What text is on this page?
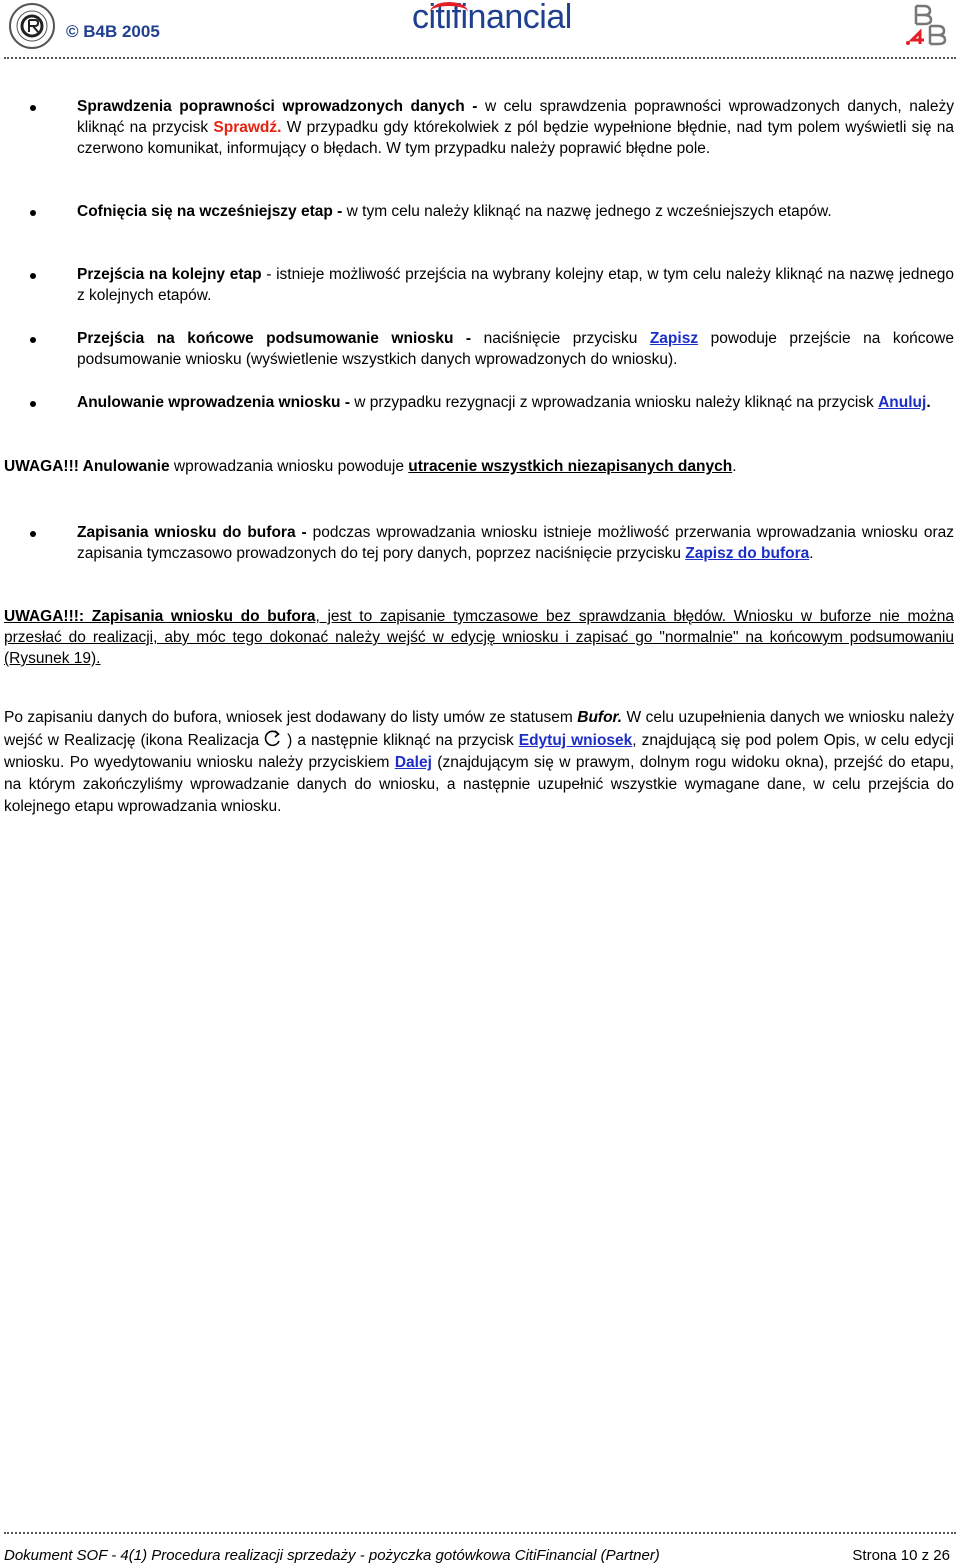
© B4B 2005	citifinancial
Sprawdzenia poprawności wprowadzonych danych - w celu sprawdzenia poprawności wprowadzonych danych, należy kliknąć na przycisk Sprawdź. W przypadku gdy którekolwiek z pól będzie wypełnione błędnie, nad tym polem wyświetli się na czerwono komunikat, informujący o błędach. W tym przypadku należy poprawić błędne pole.
Cofnięcia się na wcześniejszy etap - w tym celu należy kliknąć na nazwę jednego z wcześniejszych etapów.
Przejścia na kolejny etap - istnieje możliwość przejścia na wybrany kolejny etap, w tym celu należy kliknąć na nazwę jednego z kolejnych etapów.
Przejścia na końcowe podsumowanie wniosku - naciśnięcie przycisku Zapisz powoduje przejście na końcowe podsumowanie wniosku (wyświetlenie wszystkich danych wprowadzonych do wniosku).
Anulowanie wprowadzenia wniosku - w przypadku rezygnacji z wprowadzania wniosku należy kliknąć na przycisk Anuluj.
UWAGA!!! Anulowanie wprowadzania wniosku powoduje utracenie wszystkich niezapisanych danych.
Zapisania wniosku do bufora - podczas wprowadzania wniosku istnieje możliwość przerwania wprowadzania wniosku oraz zapisania tymczasowo prowadzonych do tej pory danych, poprzez naciśnięcie przycisku Zapisz do bufora.
UWAGA!!!: Zapisania wniosku do bufora, jest to zapisanie tymczasowe bez sprawdzania błędów. Wniosku w buforze nie można przesłać do realizacji, aby móc tego dokonać należy wejść w edycję wniosku i zapisać go "normalnie" na końcowym podsumowaniu (Rysunek 19).
Po zapisaniu danych do bufora, wniosek jest dodawany do listy umów ze statusem Bufor. W celu uzupełnienia danych we wniosku należy wejść w Realizację (ikona Realizacja ) a następnie kliknąć na przycisk Edytuj wniosek, znajdującą się pod polem Opis, w celu edycji wniosku. Po wyedytowaniu wniosku należy przyciskiem Dalej (znajdującym się w prawym, dolnym rogu widoku okna), przejść do etapu, na którym zakończyliśmy wprowadzanie danych do wniosku, a następnie uzupełnić wszystkie wymagane dane, w celu przejścia do kolejnego etapu wprowadzania wniosku.
Dokument SOF - 4(1) Procedura realizacji sprzedaży - pożyczka gotówkowa CitiFinancial (Partner)	Strona 10 z 26
